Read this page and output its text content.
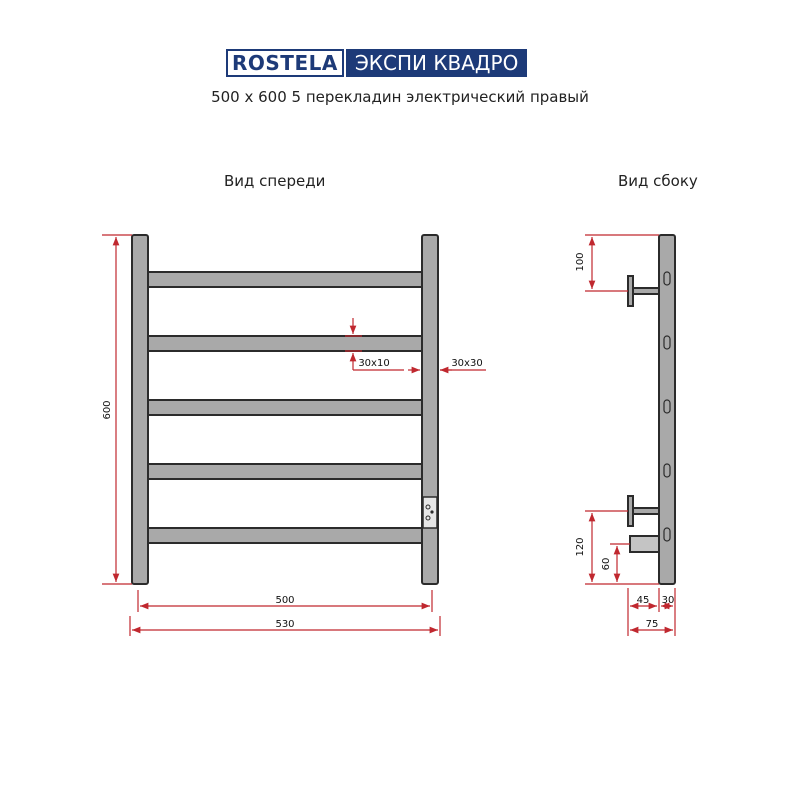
ROSTELA ЭКСПИ КВАДРО
500 x 600 5 перекладин электрический правый
Вид спереди	Вид сбоку
600
500
530
30x10	30x30
100
120
60
45 30
75
